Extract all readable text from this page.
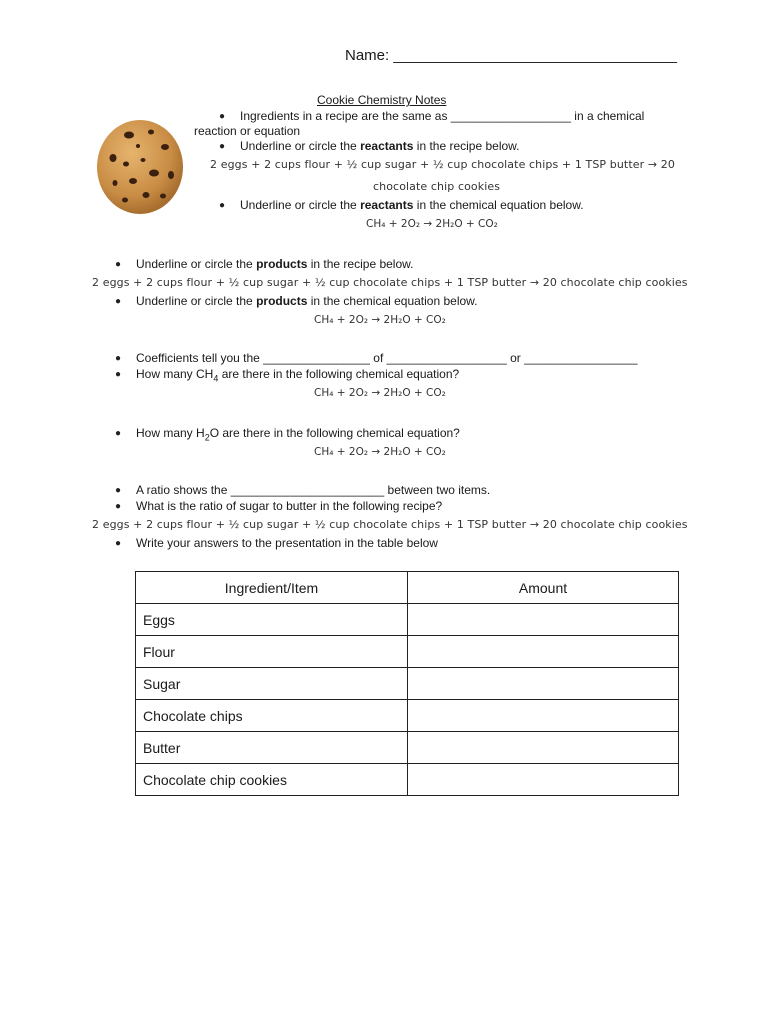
Name: __________________________________
Cookie Chemistry Notes
● Ingredients in a recipe are the same as __________________ in a chemical
reaction or equation
● Underline or circle the reactants in the recipe below.
2 eggs + 2 cups flour + ½ cup sugar + ½ cup chocolate chips + 1 TSP butter → 20
chocolate chip cookies
● Underline or circle the reactants in the chemical equation below.
CH₄ + 2O₂ → 2H₂O + CO₂
● Underline or circle the products in the recipe below.
2 eggs + 2 cups flour + ½ cup sugar + ½ cup chocolate chips + 1 TSP butter → 20 chocolate chip cookies
● Underline or circle the products in the chemical equation below.
CH₄ + 2O₂ → 2H₂O + CO₂
● Coefficients tell you the ________________ of __________________ or _________________
● How many $CH_4$ are there in the following chemical equation?
CH₄ + 2O₂ → 2H₂O + CO₂
● How many $H_2O$ are there in the following chemical equation?
CH₄ + 2O₂ → 2H₂O + CO₂
● A ratio shows the _______________________ between two items.
● What is the ratio of sugar to butter in the following recipe?
2 eggs + 2 cups flour + ½ cup sugar + ½ cup chocolate chips + 1 TSP butter → 20 chocolate chip cookies
● Write your answers to the presentation in the table below
Ingredient/Item	Amount
Eggs	
Flour	
Sugar	
Chocolate chips	
Butter	
Chocolate chip cookies	
